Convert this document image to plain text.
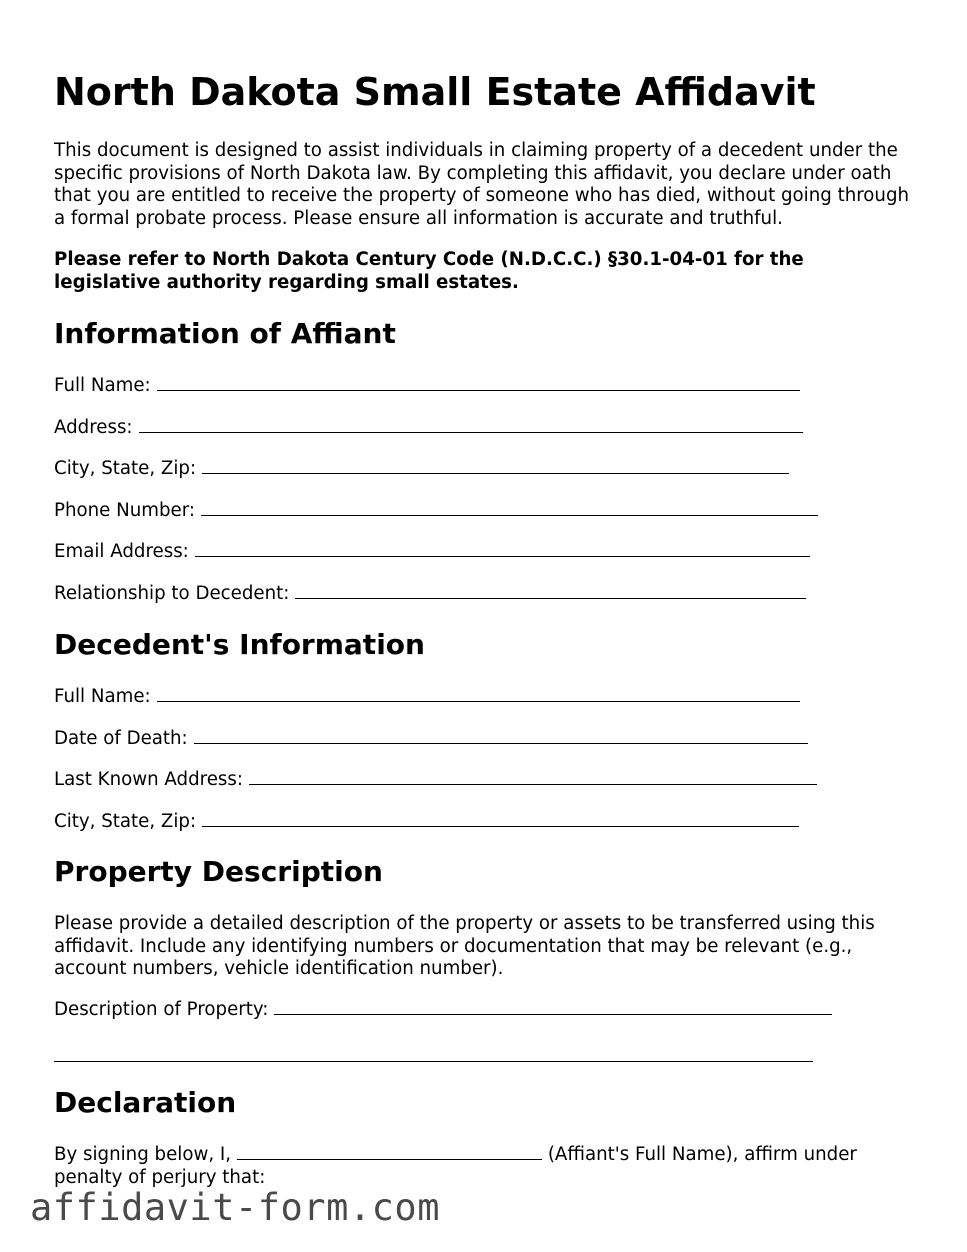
North Dakota Small Estate Affidavit

This document is designed to assist individuals in claiming property of a decedent under the specific provisions of North Dakota law. By completing this affidavit, you declare under oath that you are entitled to receive the property of someone who has died, without going through a formal probate process. Please ensure all information is accurate and truthful.

Please refer to North Dakota Century Code (N.D.C.C.) §30.1-04-01 for the legislative authority regarding small estates.

Information of Affiant
Full Name:
Address:
City, State, Zip:
Phone Number:
Email Address:
Relationship to Decedent:
Decedent's Information
Full Name:
Date of Death:
Last Known Address:
City, State, Zip:
Property Description

Please provide a detailed description of the property or assets to be transferred using this affidavit. Include any identifying numbers or documentation that may be relevant (e.g., account numbers, vehicle identification number).

Description of Property:
Declaration

By signing below, I,	(Affiant's Full Name), affirm under penalty of perjury that:

affidavit-form.com
